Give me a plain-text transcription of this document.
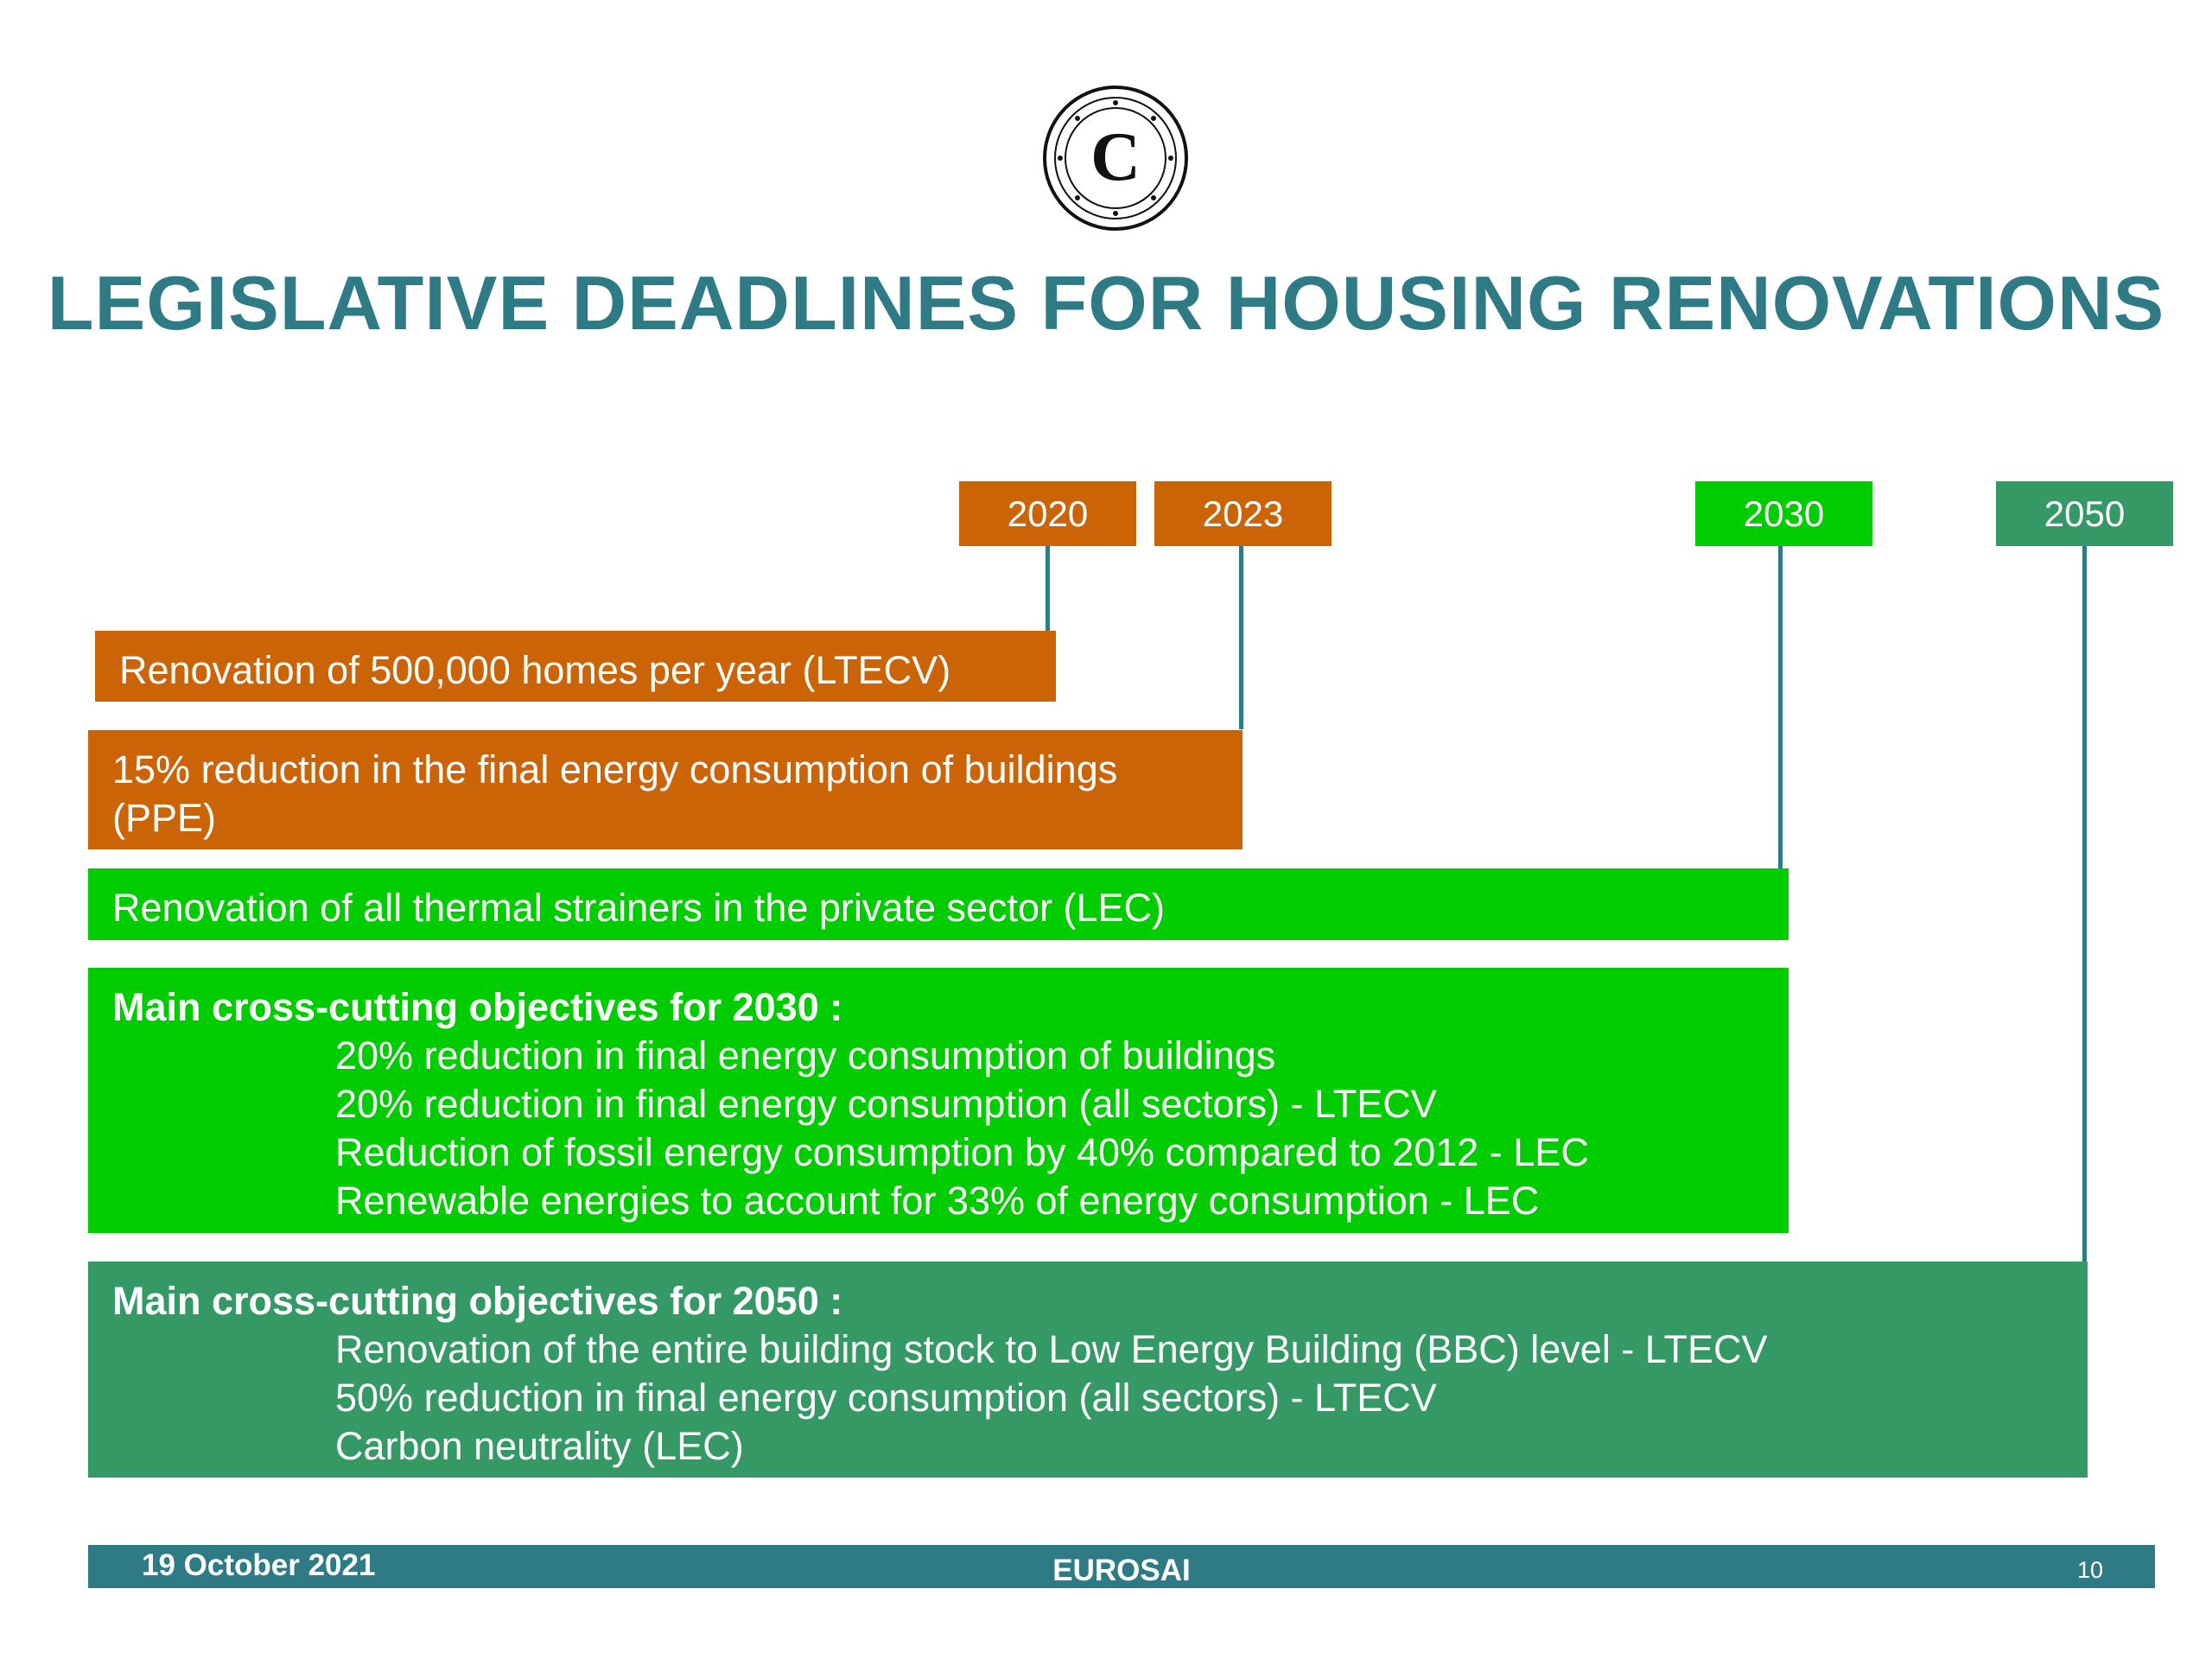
C
LEGISLATIVE DEADLINES FOR HOUSING RENOVATIONS
2020	2023	2030	2050
Renovation of 500,000 homes per year (LTECV)
15% reduction in the final energy consumption of buildings (PPE)
Renovation of all thermal strainers in the private sector (LEC)
Main cross-cutting objectives for 2030 :
20% reduction in final energy consumption of buildings
20% reduction in final energy consumption (all sectors) - LTECV
Reduction of fossil energy consumption by 40% compared to 2012 - LEC
Renewable energies to account for 33% of energy consumption - LEC
Main cross-cutting objectives for 2050 :
Renovation of the entire building stock to Low Energy Building (BBC) level - LTECV
50% reduction in final energy consumption (all sectors) - LTECV
Carbon neutrality (LEC)
19 October 2021	EUROSAI	10
